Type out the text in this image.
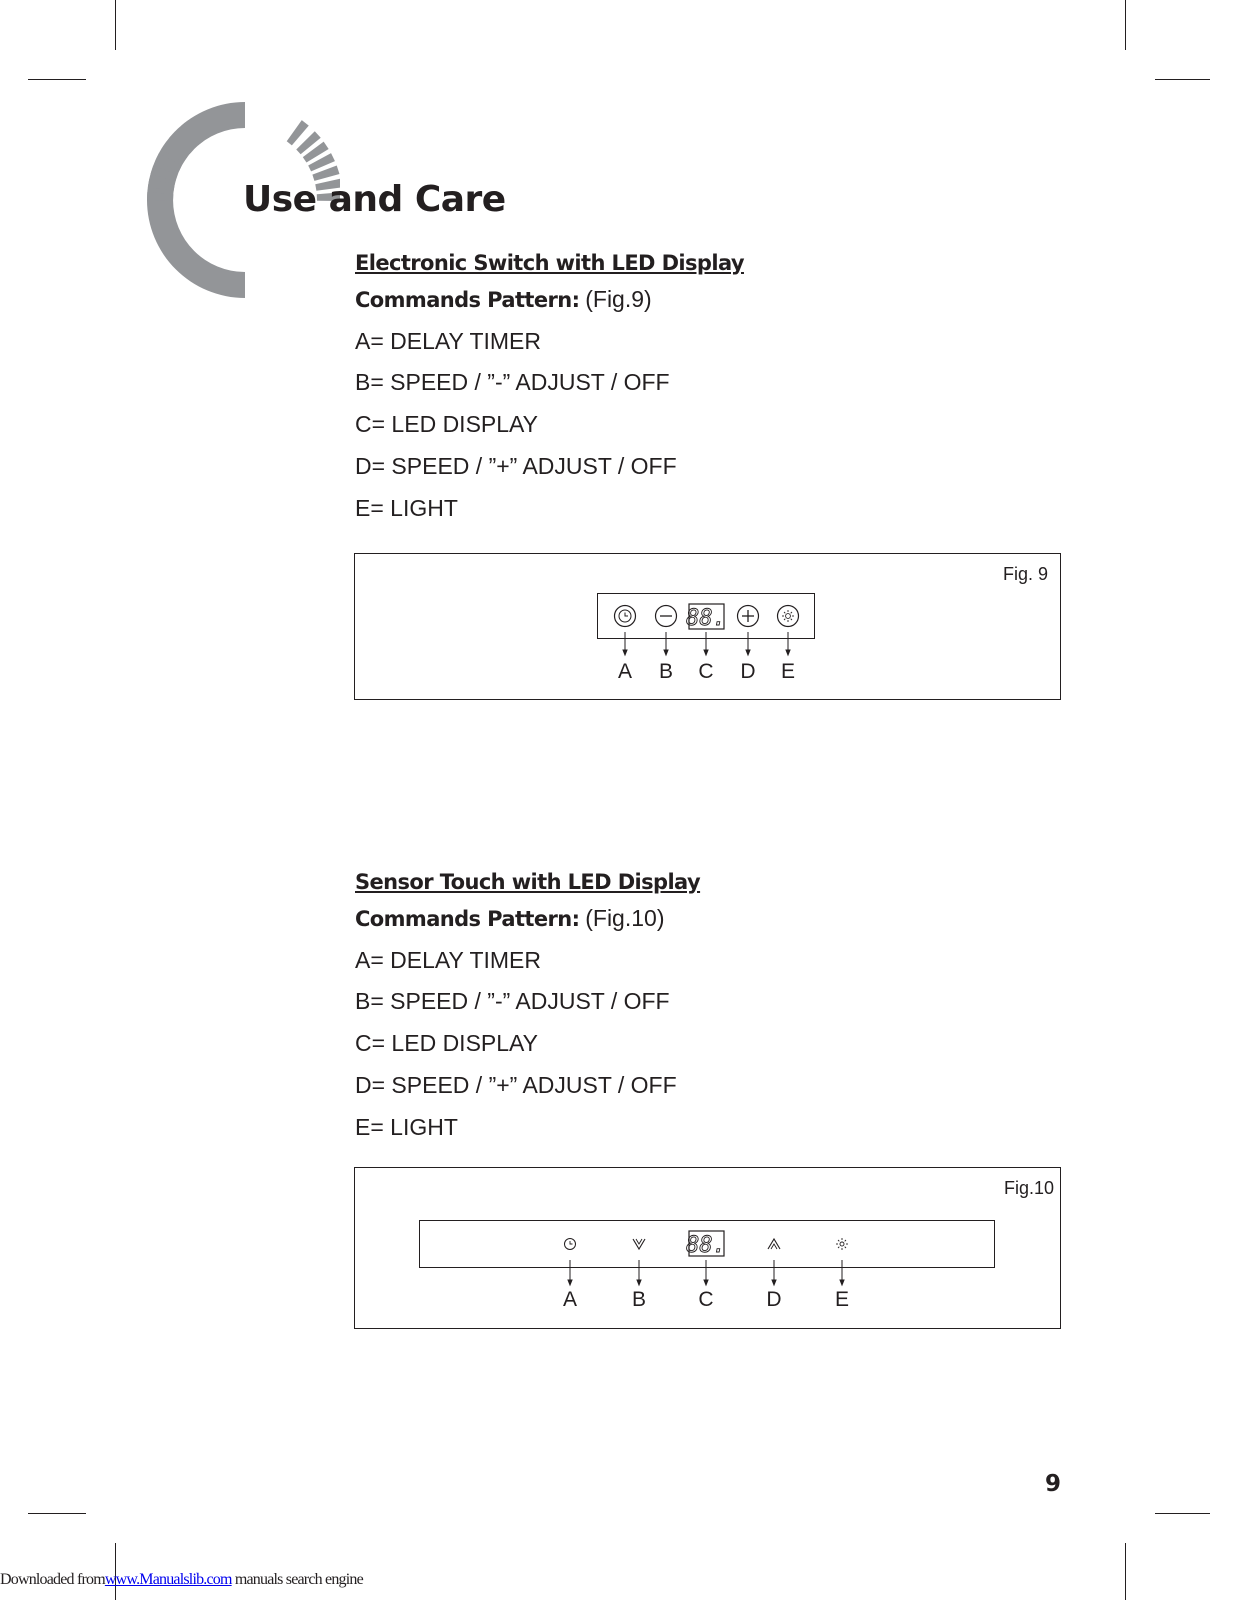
Use and Care
Electronic Switch with LED Display
Commands Pattern: (Fig.9)
A= DELAY TIMER
B= SPEED / ”-” ADJUST / OFF
C= LED DISPLAY
D= SPEED / ”+” ADJUST / OFF
E= LIGHT
Fig. 9
88.
A B C D E
Sensor Touch with LED Display
Commands Pattern: (Fig.10)
A= DELAY TIMER
B= SPEED / ”-” ADJUST / OFF
C= LED DISPLAY
D= SPEED / ”+” ADJUST / OFF
E= LIGHT
Fig.10
88.
A	B C	D	E
9
Downloaded fromwww.Manualslib.com manuals search engine
